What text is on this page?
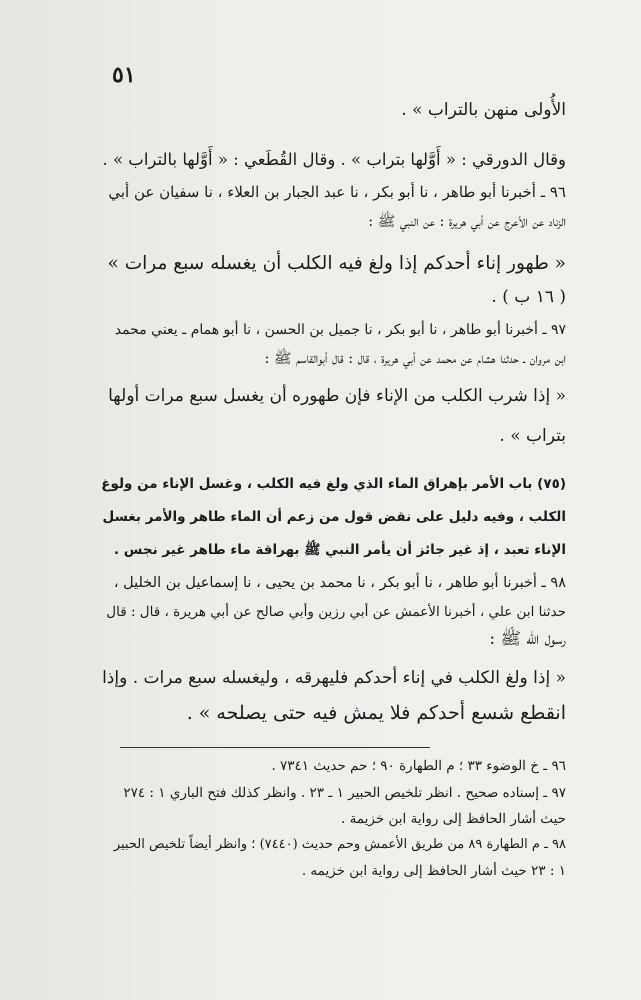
٥١
الأُولى منهن بالتراب » .
وقال الدورقي : « أَوَّلها بتراب » . وقال القُطَعي : « أَوَّلها بالتراب » .
٩٦ ـ أخبرنا أبو طاهر ، نا أبو بكر ، نا عبد الجبار بن العلاء ، نا سفيان عن أبي
الزناد عن الأعرج عن أبي هريرة : عن النبي ﷺ :
« طهور إناء أحدكم إذا ولغ فيه الكلب أن يغسله سبع مرات »
( ١٦ ب ) .
٩٧ ـ أخبرنا أبو طاهر ، نا أبو بكر ، نا جميل بن الحسن ، نا أبو همام ـ يعني محمد
ابن مروان ـ حدثنا هشام عن محمد عن أبي هريرة ، قال : قال أبوالقاسم ﷺ :
« إذا شرب الكلب من الإناء فإن طهوره أن يغسل سبع مرات أولها
بتراب » .
(٧٥) باب الأمر بإهراق الماء الذي ولغ فيه الكلب ، وغسل الإناء من ولوغ
الكلب ، وفيه دليل على نقض قول من زعم أن الماء طاهر والأمر بغسل
الإناء تعبد ، إذ غير جائز أن يأمر النبي ﷺ بهراقة ماء طاهر غير نجس .
٩٨ ـ أخبرنا أبو طاهر ، نا أبو بكر ، نا محمد بن يحيى ، نا إسماعيل بن الخليل ،
حدثنا ابن علي ، أخبرنا الأعمش عن أبي رزين وأبي صالح عن أبي هريرة ، قال : قال
رسول الله ﷺ :
« إذا ولغ الكلب في إناء أحدكم فليهرقه ، وليغسله سبع مرات . وإذا
انقطع شسع أحدكم فلا يمش فيه حتى يصلحه » .
٩٦ ـ خ الوضوء ٣٣ ؛ م الطهارة ٩٠ ؛ حم حديث ٧٣٤١ .
٩٧ ـ إسناده صحيح . انظر تلخيص الحبير ١ ـ ٢٣ . وانظر كذلك فتح الباري ١ : ٢٧٤
حيث أشار الحافظ إلى رواية ابن خزيمة .
٩٨ ـ م الطهارة ٨٩ من طريق الأعمش وحم حديث (٧٤٤٠) ؛ وانظر أيضاً تلخيص الحبير
١ : ٢٣ حيث أشار الحافظ إلى رواية ابن خزيمه .
